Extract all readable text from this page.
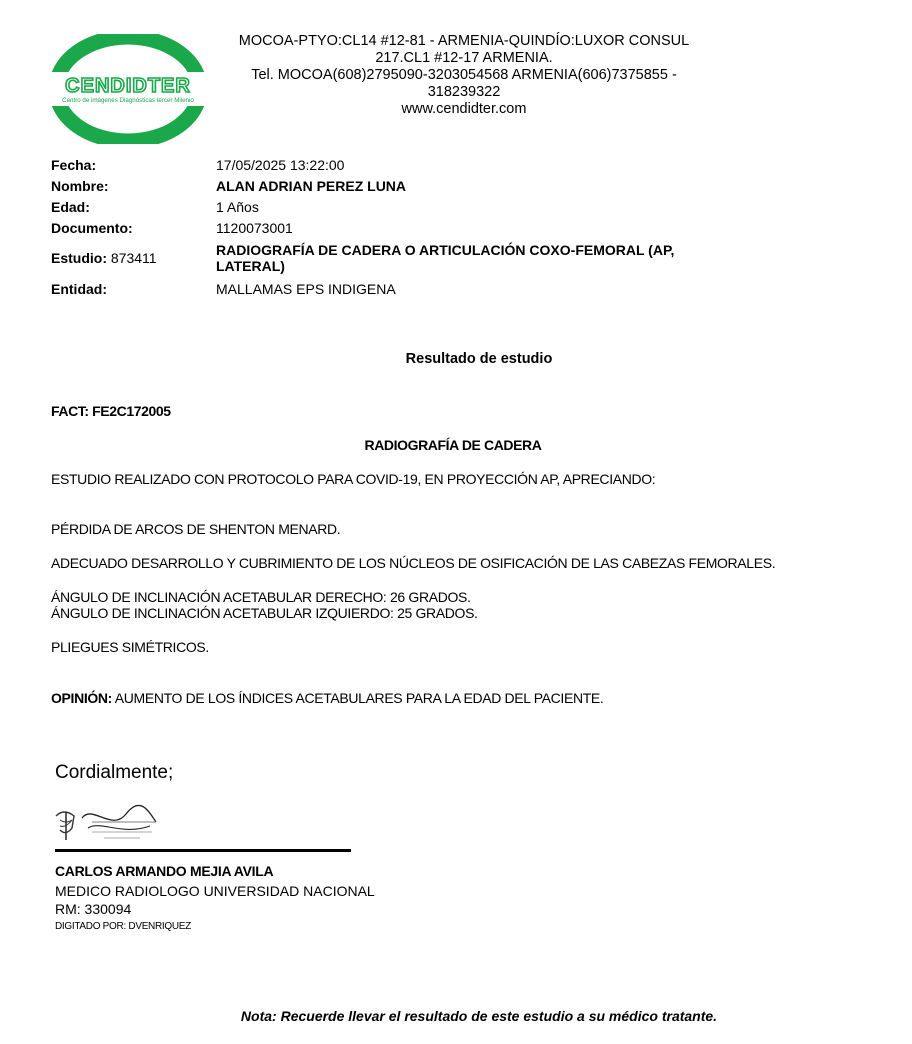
CENDIDTER
Centro de imágenes Diagnósticas tercer Milenio
MOCOA-PTYO:CL14 #12-81 - ARMENIA-QUINDÍO:LUXOR CONSUL
217.CL1 #12-17 ARMENIA.
Tel. MOCOA(608)2795090-3203054568 ARMENIA(606)7375855 -
318239322
www.cendidter.com
Fecha:	17/05/2025 13:22:00
Nombre:	ALAN ADRIAN PEREZ LUNA
Edad:	1 Años
Documento:	1120073001
Estudio: 873411	RADIOGRAFÍA DE CADERA O ARTICULACIÓN COXO-FEMORAL (AP, LATERAL)
Entidad:	MALLAMAS EPS INDIGENA
Resultado de estudio
FACT: FE2C172005
RADIOGRAFÍA DE CADERA
ESTUDIO REALIZADO CON PROTOCOLO PARA COVID-19, EN PROYECCIÓN AP, APRECIANDO:
PÉRDIDA DE ARCOS DE SHENTON MENARD.
ADECUADO DESARROLLO Y CUBRIMIENTO DE LOS NÚCLEOS DE OSIFICACIÓN DE LAS CABEZAS FEMORALES.
ÁNGULO DE INCLINACIÓN ACETABULAR DERECHO: 26 GRADOS.
ÁNGULO DE INCLINACIÓN ACETABULAR IZQUIERDO: 25 GRADOS.
PLIEGUES SIMÉTRICOS.
OPINIÓN: AUMENTO DE LOS ÍNDICES ACETABULARES PARA LA EDAD DEL PACIENTE.
Cordialmente;
CARLOS ARMANDO MEJIA AVILA
MEDICO RADIOLOGO UNIVERSIDAD NACIONAL
RM: 330094
DIGITADO POR: DVENRIQUEZ
Nota: Recuerde llevar el resultado de este estudio a su médico tratante.
